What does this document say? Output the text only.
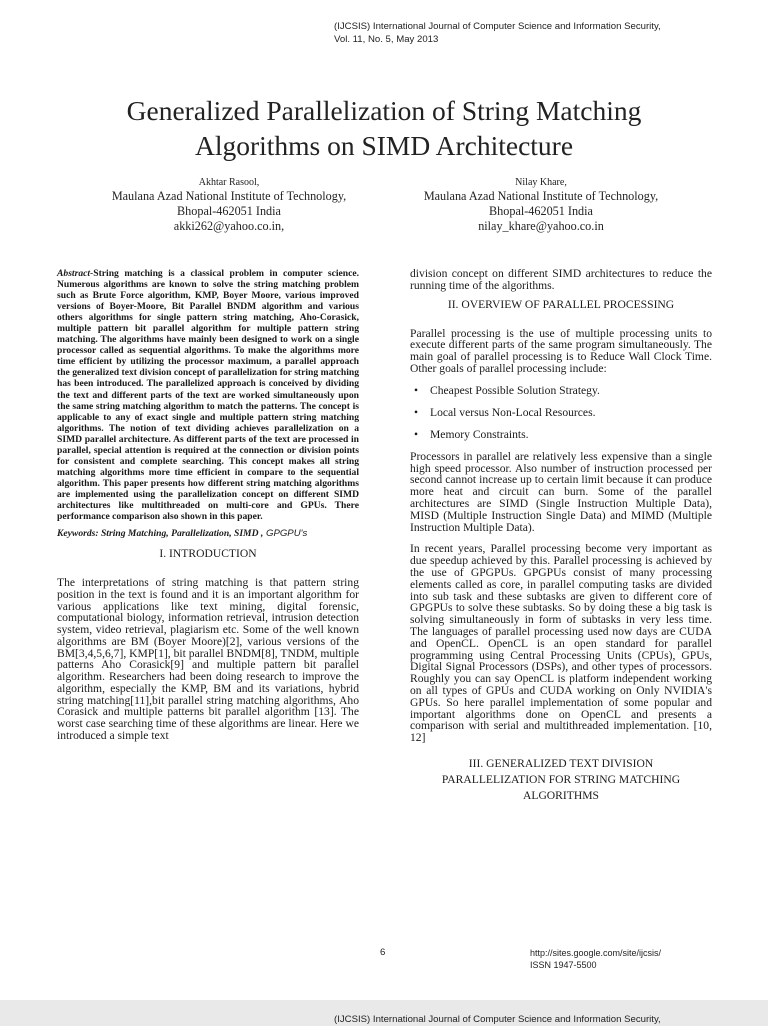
(IJCSIS) International Journal of Computer Science and Information Security,
Vol. 11, No. 5, May 2013
Generalized Parallelization of String Matching
Algorithms on SIMD Architecture
Akhtar Rasool,
Maulana Azad National Institute of Technology,
Bhopal-462051 India
akki262@yahoo.co.in,
Nilay Khare,
Maulana Azad National Institute of Technology,
Bhopal-462051 India
nilay_khare@yahoo.co.in

Abstract-String matching is a classical problem in computer science. Numerous algorithms are known to solve the string matching problem such as Brute Force algorithm, KMP, Boyer Moore, various improved versions of Boyer-Moore, Bit Parallel BNDM algorithm and various others algorithms for single pattern string matching, Aho-Corasick, multiple pattern bit parallel algorithm for multiple pattern string matching. The algorithms have mainly been designed to work on a single processor called as sequential algorithms. To make the algorithms more time efficient by utilizing the processor maximum, a parallel approach the generalized text division concept of parallelization for string matching has been introduced. The parallelized approach is conceived by dividing the text and different parts of the text are worked simultaneously upon the same string matching algorithm to match the patterns. The concept is applicable to any of exact single and multiple pattern string matching algorithms. The notion of text dividing achieves parallelization on a SIMD parallel architecture. As different parts of the text are processed in parallel, special attention is required at the connection or division points for consistent and complete searching. This concept makes all string matching algorithms more time efficient in compare to the sequential algorithm. This paper presents how different string matching algorithms are implemented using the parallelization concept on different SIMD architectures like multithreaded on multi-core and GPUs. There performance comparison also shown in this paper.

Keywords: String Matching, Parallelization, SIMD , GPGPU's
I. INTRODUCTION

The interpretations of string matching is that pattern string position in the text is found and it is an important algorithm for various applications like text mining, digital forensic, computational biology, information retrieval, intrusion detection system, video retrieval, plagiarism etc. Some of the well known algorithms are BM (Boyer Moore)[2], various versions of the BM[3,4,5,6,7], KMP[1], bit parallel BNDM[8], TNDM, multiple patterns Aho Corasick[9] and multiple pattern bit parallel algorithm. Researchers had been doing research to improve the algorithm, especially the KMP, BM and its variations, hybrid string matching[11],bit parallel string matching algorithms, Aho Corasick and multiple patterns bit parallel algorithm [13]. The worst case searching time of these algorithms are linear. Here we introduced a simple text

division concept on different SIMD architectures to reduce the running time of the algorithms.

II. OVERVIEW OF PARALLEL PROCESSING

Parallel processing is the use of multiple processing units to execute different parts of the same program simultaneously. The main goal of parallel processing is to Reduce Wall Clock Time. Other goals of parallel processing include:

• Cheapest Possible Solution Strategy.
• Local versus Non-Local Resources.
• Memory Constraints.

Processors in parallel are relatively less expensive than a single high speed processor. Also number of instruction processed per second cannot increase up to certain limit because it can produce more heat and circuit can burn. Some of the parallel architectures are SIMD (Single Instruction Multiple Data), MISD (Multiple Instruction Single Data) and MIMD (Multiple Instruction Multiple Data).

In recent years, Parallel processing become very important as due speedup achieved by this. Parallel processing is achieved by the use of GPGPUs. GPGPUs consist of many processing elements called as core, in parallel computing tasks are divided into sub task and these subtasks are given to different core of GPGPUs to solve these subtasks. So by doing these a big task is solving simultaneously in form of subtasks in very less time. The languages of parallel processing used now days are CUDA and OpenCL. OpenCL is an open standard for parallel programming using Central Processing Units (CPUs), GPUs, Digital Signal Processors (DSPs), and other types of processors. Roughly you can say OpenCL is platform independent working on all types of GPUs and CUDA working on Only NVIDIA's GPUs. So here parallel implementation of some popular and important algorithms done on OpenCL and presents a comparison with serial and multithreaded implementation. [10, 12]

III. GENERALIZED TEXT DIVISION
PARALLELIZATION FOR STRING MATCHING
ALGORITHMS
6	http://sites.google.com/site/ijcsis/
ISSN 1947-5500
(IJCSIS) International Journal of Computer Science and Information Security,
